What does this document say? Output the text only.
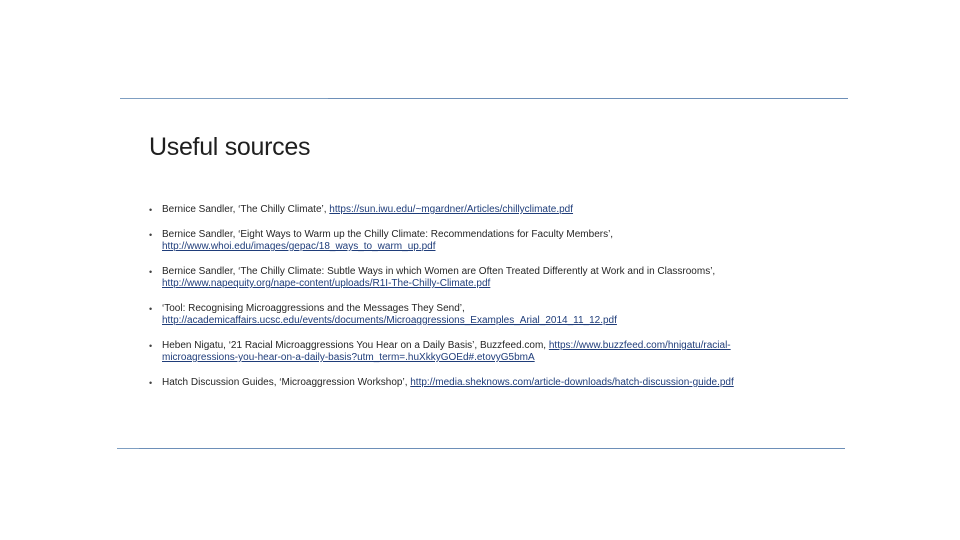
Useful sources
• Bernice Sandler, ‘The Chilly Climate’, https://sun.iwu.edu/~mgardner/Articles/chillyclimate.pdf
• Bernice Sandler, ‘Eight Ways to Warm up the Chilly Climate: Recommendations for Faculty Members’,
http://www.whoi.edu/images/gepac/18_ways_to_warm_up.pdf
• Bernice Sandler, ‘The Chilly Climate: Subtle Ways in which Women are Often Treated Differently at Work and in Classrooms’,
http://www.napequity.org/nape-content/uploads/R1I-The-Chilly-Climate.pdf
• ‘Tool: Recognising Microaggressions and the Messages They Send’,
http://academicaffairs.ucsc.edu/events/documents/Microaggressions_Examples_Arial_2014_11_12.pdf
• Heben Nigatu, ‘21 Racial Microaggressions You Hear on a Daily Basis’, Buzzfeed.com, https://www.buzzfeed.com/hnigatu/racial-
microagressions-you-hear-on-a-daily-basis?utm_term=.huXkkyGOEd#.etovyG5bmA
• Hatch Discussion Guides, ‘Microaggression Workshop’, http://media.sheknows.com/article-downloads/hatch-discussion-guide.pdf
